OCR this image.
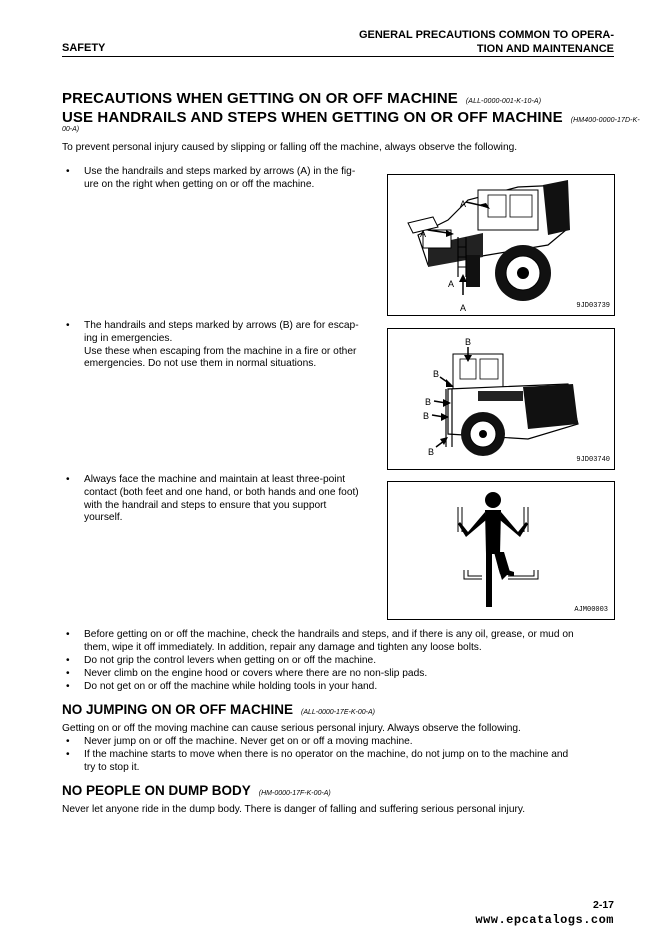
GENERAL PRECAUTIONS COMMON TO OPERA-
TION AND MAINTENANCE
SAFETY
PRECAUTIONS WHEN GETTING ON OR OFF MACHINE (ALL-0000-001-K-10-A)
USE HANDRAILS AND STEPS WHEN GETTING ON OR OFF MACHINE (HM400-0000-17D-K-
00-A)
To prevent personal injury caused by slipping or falling off the machine, always observe the following.
• Use the handrails and steps marked by arrows (A) in the fig-
ure on the right when getting on or off the machine.
A
A
A
A	9JD03739
• The handrails and steps marked by arrows (B) are for escap-
ing in emergencies.
Use these when escaping from the machine in a fire or other
emergencies. Do not use them in normal situations.
B
B
B
B
B
9JD03740
• Always face the machine and maintain at least three-point
contact (both feet and one hand, or both hands and one foot)
with the handrail and steps to ensure that you support
yourself.
AJM00003
• Before getting on or off the machine, check the handrails and steps, and if there is any oil, grease, or mud on
them, wipe it off immediately. In addition, repair any damage and tighten any loose bolts.
• Do not grip the control levers when getting on or off the machine.
• Never climb on the engine hood or covers where there are no non-slip pads.
• Do not get on or off the machine while holding tools in your hand.
NO JUMPING ON OR OFF MACHINE (ALL-0000-17E-K-00-A)
Getting on or off the moving machine can cause serious personal injury. Always observe the following.
• Never jump on or off the machine. Never get on or off a moving machine.
• If the machine starts to move when there is no operator on the machine, do not jump on to the machine and
try to stop it.
NO PEOPLE ON DUMP BODY (HM-0000-17F-K-00-A)
Never let anyone ride in the dump body. There is danger of falling and suffering serious personal injury.
2-17
www.epcatalogs.com
